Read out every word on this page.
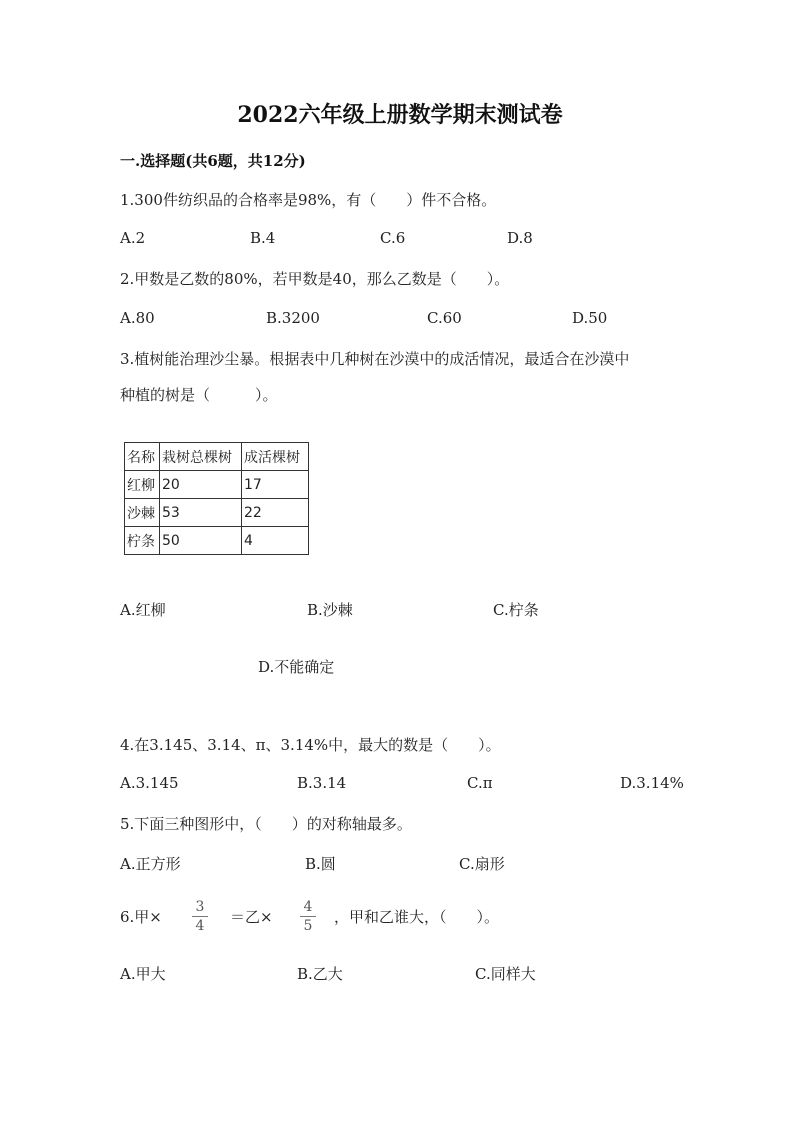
2022六年级上册数学期末测试卷
一.选择题(共6题，共12分)
1.300件纺织品的合格率是98%，有（　　）件不合格。
A.2	B.4	C.6	D.8
2.甲数是乙数的80%，若甲数是40，那么乙数是（　　）。
A.80	B.3200	C.60	D.50
3.植树能治理沙尘暴。根据表中几种树在沙漠中的成活情况，最适合在沙漠中
种植的树是（　　　）。
名称	栽树总棵树	成活棵树
红柳	20	17
沙棘	53	22
柠条	50	4
A.红柳	B.沙棘	C.柠条
D.不能确定
4.在3.145、3.14、π、3.14%中，最大的数是（　　）。
A.3.145	B.3.14	C.π	D.3.14%
5.下面三种图形中，（　　）的对称轴最多。
A.正方形	B.圆	C.扇形
6.甲×
3
4 ＝乙×
4
5 ，甲和乙谁大，（　　）。
A.甲大	B.乙大	C.同样大
